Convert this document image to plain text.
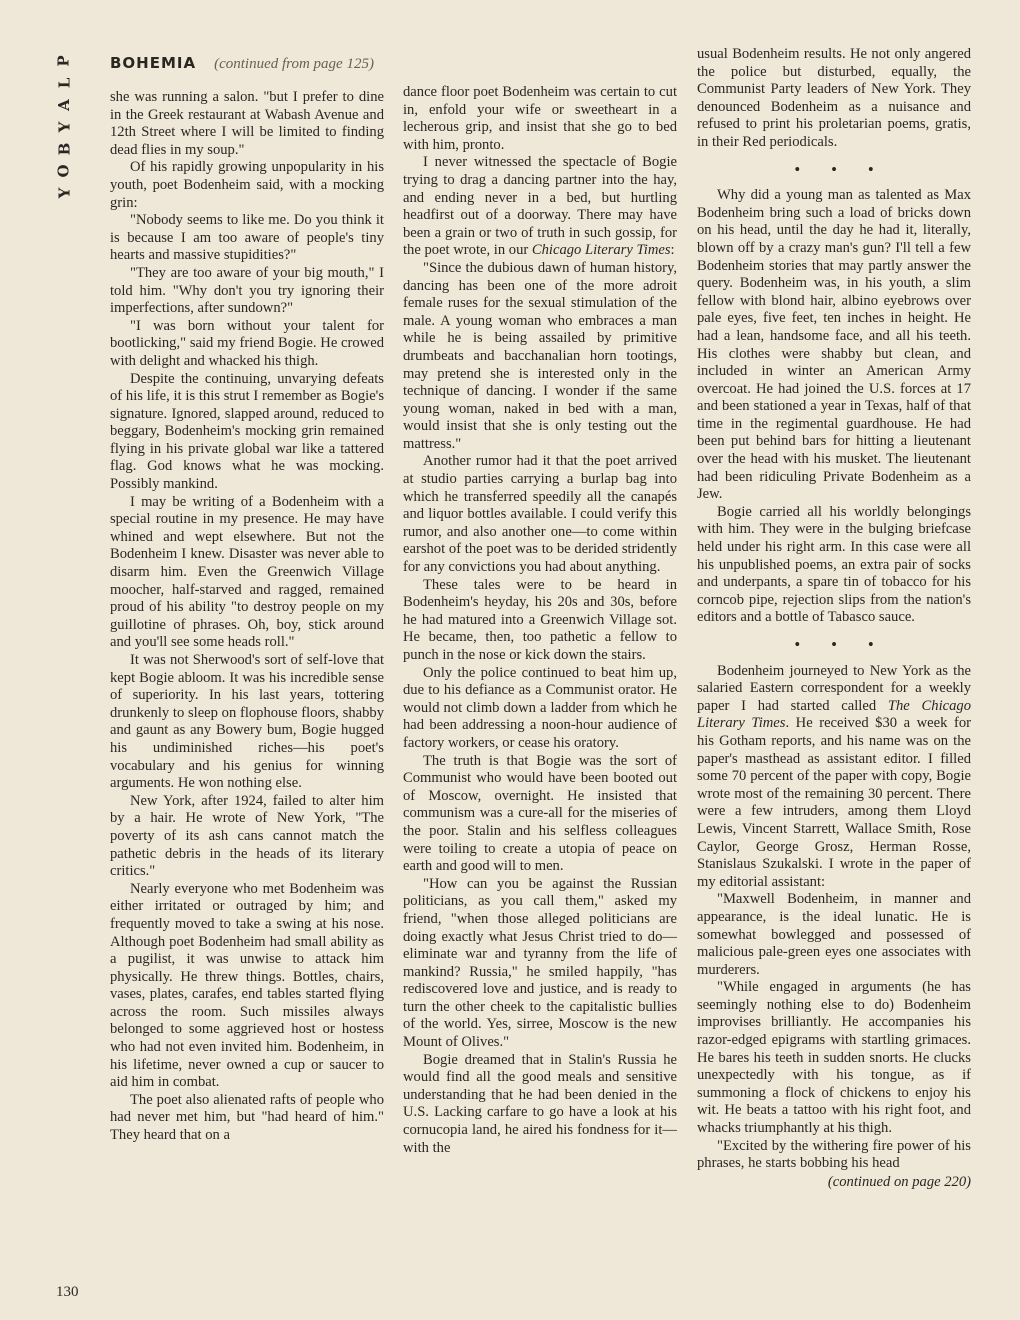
P
L
A
Y
B
O
Y
BOHEMIA (continued from page 125)

she was running a salon. "but I prefer to dine in the Greek restaurant at Wabash Avenue and 12th Street where I will be limited to finding dead flies in my soup."

Of his rapidly growing unpopularity in his youth, poet Bodenheim said, with a mocking grin:

"Nobody seems to like me. Do you think it is because I am too aware of people's tiny hearts and massive stupidities?"

"They are too aware of your big mouth," I told him. "Why don't you try ignoring their imperfections, after sundown?"

"I was born without your talent for bootlicking," said my friend Bogie. He crowed with delight and whacked his thigh.

Despite the continuing, unvarying defeats of his life, it is this strut I remember as Bogie's signature. Ignored, slapped around, reduced to beggary, Bodenheim's mocking grin remained flying in his private global war like a tattered flag. God knows what he was mocking. Possibly mankind.

I may be writing of a Bodenheim with a special routine in my presence. He may have whined and wept elsewhere. But not the Bodenheim I knew. Disaster was never able to disarm him. Even the Greenwich Village moocher, half-starved and ragged, remained proud of his ability "to destroy people on my guillotine of phrases. Oh, boy, stick around and you'll see some heads roll."

It was not Sherwood's sort of self-love that kept Bogie abloom. It was his incredible sense of superiority. In his last years, tottering drunkenly to sleep on flophouse floors, shabby and gaunt as any Bowery bum, Bogie hugged his undiminished riches—his poet's vocabulary and his genius for winning arguments. He won nothing else.

New York, after 1924, failed to alter him by a hair. He wrote of New York, "The poverty of its ash cans cannot match the pathetic debris in the heads of its literary critics."

Nearly everyone who met Bodenheim was either irritated or outraged by him; and frequently moved to take a swing at his nose. Although poet Bodenheim had small ability as a pugilist, it was unwise to attack him physically. He threw things. Bottles, chairs, vases, plates, carafes, end tables started flying across the room. Such missiles always belonged to some aggrieved host or hostess who had not even invited him. Bodenheim, in his lifetime, never owned a cup or saucer to aid him in combat.

The poet also alienated rafts of people who had never met him, but "had heard of him." They heard that on a

dance floor poet Bodenheim was certain to cut in, enfold your wife or sweetheart in a lecherous grip, and insist that she go to bed with him, pronto.

I never witnessed the spectacle of Bogie trying to drag a dancing partner into the hay, and ending never in a bed, but hurtling headfirst out of a doorway. There may have been a grain or two of truth in such gossip, for the poet wrote, in our Chicago Literary Times:

"Since the dubious dawn of human history, dancing has been one of the more adroit female ruses for the sexual stimulation of the male. A young woman who embraces a man while he is being assailed by primitive drumbeats and bacchanalian horn tootings, may pretend she is interested only in the technique of dancing. I wonder if the same young woman, naked in bed with a man, would insist that she is only testing out the mattress."

Another rumor had it that the poet arrived at studio parties carrying a burlap bag into which he transferred speedily all the canapés and liquor bottles available. I could verify this rumor, and also another one—to come within earshot of the poet was to be derided stridently for any convictions you had about anything.

These tales were to be heard in Bodenheim's heyday, his 20s and 30s, before he had matured into a Greenwich Village sot. He became, then, too pathetic a fellow to punch in the nose or kick down the stairs.

Only the police continued to beat him up, due to his defiance as a Communist orator. He would not climb down a ladder from which he had been addressing a noon-hour audience of factory workers, or cease his oratory.

The truth is that Bogie was the sort of Communist who would have been booted out of Moscow, overnight. He insisted that communism was a cure-all for the miseries of the poor. Stalin and his selfless colleagues were toiling to create a utopia of peace on earth and good will to men.

"How can you be against the Russian politicians, as you call them," asked my friend, "when those alleged politicians are doing exactly what Jesus Christ tried to do—eliminate war and tyranny from the life of mankind? Russia," he smiled happily, "has rediscovered love and justice, and is ready to turn the other cheek to the capitalistic bullies of the world. Yes, sirree, Moscow is the new Mount of Olives."

Bogie dreamed that in Stalin's Russia he would find all the good meals and sensitive understanding that he had been denied in the U.S. Lacking carfare to go have a look at his cornucopia land, he aired his fondness for it—with the

usual Bodenheim results. He not only angered the police but disturbed, equally, the Communist Party leaders of New York. They denounced Bodenheim as a nuisance and refused to print his proletarian poems, gratis, in their Red periodicals.

• • •

Why did a young man as talented as Max Bodenheim bring such a load of bricks down on his head, until the day he had it, literally, blown off by a crazy man's gun? I'll tell a few Bodenheim stories that may partly answer the query. Bodenheim was, in his youth, a slim fellow with blond hair, albino eyebrows over pale eyes, five feet, ten inches in height. He had a lean, handsome face, and all his teeth. His clothes were shabby but clean, and included in winter an American Army overcoat. He had joined the U.S. forces at 17 and been stationed a year in Texas, half of that time in the regimental guardhouse. He had been put behind bars for hitting a lieutenant over the head with his musket. The lieutenant had been ridiculing Private Bodenheim as a Jew.

Bogie carried all his worldly belongings with him. They were in the bulging briefcase held under his right arm. In this case were all his unpublished poems, an extra pair of socks and underpants, a spare tin of tobacco for his corncob pipe, rejection slips from the nation's editors and a bottle of Tabasco sauce.

• • •

Bodenheim journeyed to New York as the salaried Eastern correspondent for a weekly paper I had started called The Chicago Literary Times. He received $30 a week for his Gotham reports, and his name was on the paper's masthead as assistant editor. I filled some 70 percent of the paper with copy, Bogie wrote most of the remaining 30 percent. There were a few intruders, among them Lloyd Lewis, Vincent Starrett, Wallace Smith, Rose Caylor, George Grosz, Herman Rosse, Stanislaus Szukalski. I wrote in the paper of my editorial assistant:

"Maxwell Bodenheim, in manner and appearance, is the ideal lunatic. He is somewhat bowlegged and possessed of malicious pale-green eyes one associates with murderers.

"While engaged in arguments (he has seemingly nothing else to do) Bodenheim improvises brilliantly. He accompanies his razor-edged epigrams with startling grimaces. He bares his teeth in sudden snorts. He clucks unexpectedly with his tongue, as if summoning a flock of chickens to enjoy his wit. He beats a tattoo with his right foot, and whacks triumphantly at his thigh.

"Excited by the withering fire power of his phrases, he starts bobbing his head

(continued on page 220)

130
